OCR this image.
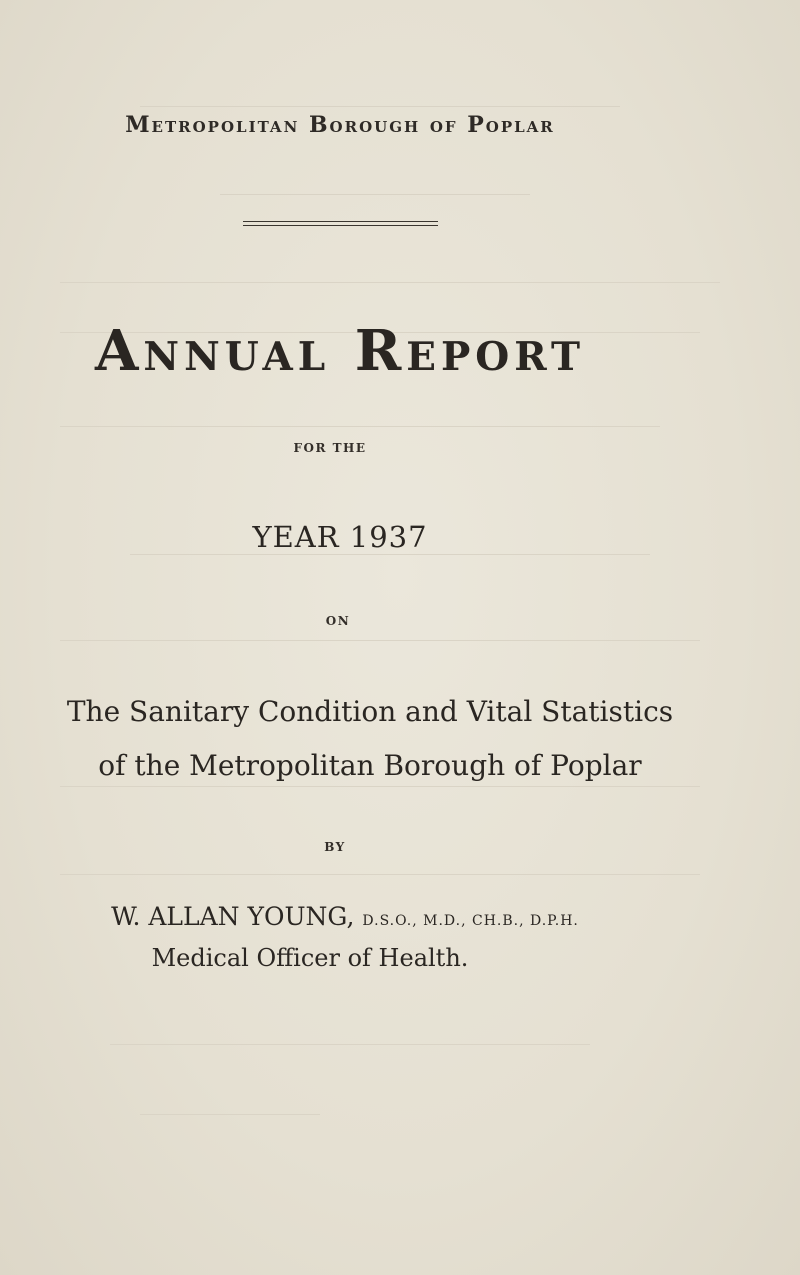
Metropolitan Borough of Poplar
Annual Report
FOR THE
YEAR 1937
ON
The Sanitary Condition and Vital Statistics
of the Metropolitan Borough of Poplar
BY
W. ALLAN YOUNG, D.S.O., M.D., CH.B., D.P.H.
Medical Officer of Health.
